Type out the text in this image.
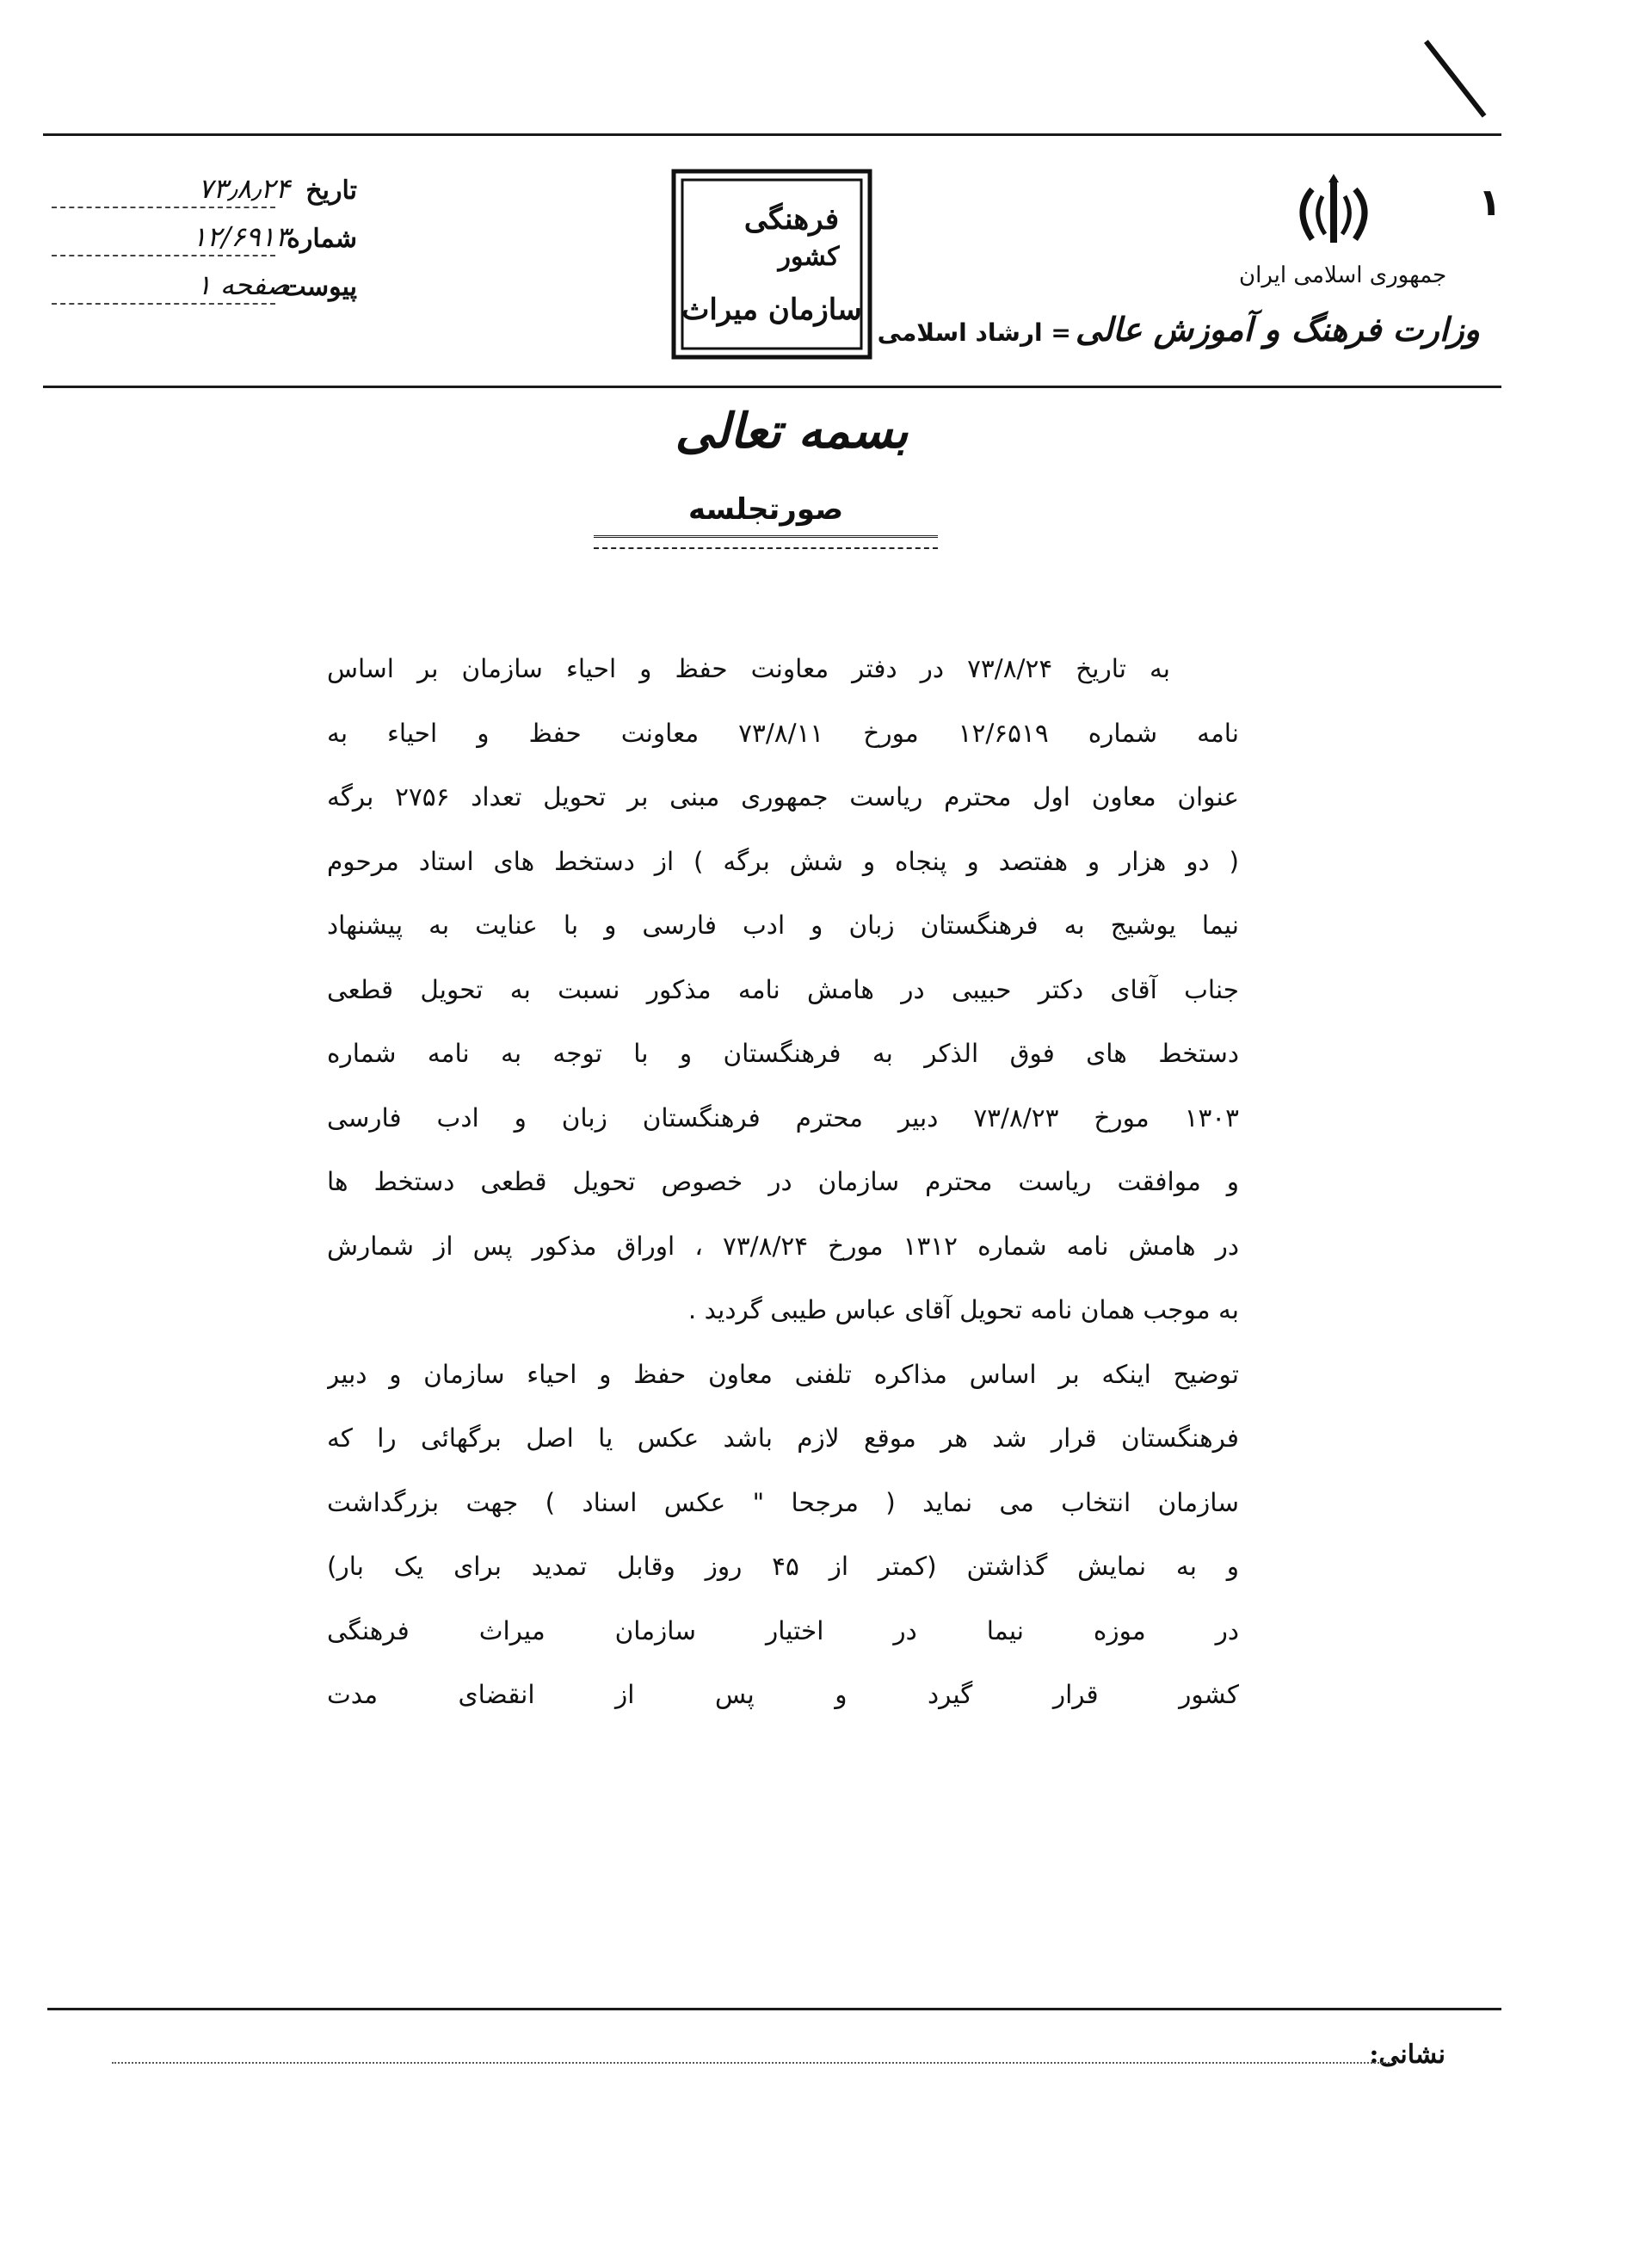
۱
جمهوری اسلامی ایران
وزارت فرهنگ و آموزش عالی = ارشاد اسلامی
فرهنگی
کشور
سازمان میراث
تاریخ
۷۳٫۸٫۲۴
شماره
۱۲/۶۹۱۳
پیوست
صفحه ۱
بسمه تعالی
صورتجلسه
به تاریخ ۷۳/۸/۲۴ در دفتر معاونت حفظ و احیاء سازمان بر اساس
نامه شماره ۱۲/۶۵۱۹ مورخ ۷۳/۸/۱۱ معاونت حفظ و احیاء به
عنوان معاون اول محترم ریاست جمهوری مبنی بر تحویل تعداد ۲۷۵۶ برگه
( دو هزار و هفتصد و پنجاه و شش برگه ) از دستخط های استاد مرحوم
نیما یوشیج به فرهنگستان زبان و ادب فارسی و با عنایت به پیشنهاد
جناب آقای دکتر حبیبی در هامش نامه مذکور نسبت به تحویل قطعی
دستخط های فوق الذکر به فرهنگستان و با توجه به نامه شماره
۱۳۰۳ مورخ ۷۳/۸/۲۳ دبیر محترم فرهنگستان زبان و ادب فارسی
و موافقت ریاست محترم سازمان در خصوص تحویل قطعی دستخط ها
در هامش نامه شماره ۱۳۱۲ مورخ ۷۳/۸/۲۴ ، اوراق مذکور پس از شمارش
به موجب همان نامه تحویل آقای عباس طیبی گردید .
توضیح اینکه بر اساس مذاکره تلفنی معاون حفظ و احیاء سازمان و دبیر
فرهنگستان قرار شد هر موقع لازم باشد عکس یا اصل برگهائی را که
سازمان انتخاب می نماید ( مرجحا " عکس اسناد ) جهت بزرگداشت
و به نمایش گذاشتن (کمتر از ۴۵ روز وقابل تمدید برای یک بار)
در موزه نیما در اختیار سازمان میراث فرهنگی
کشور قرار گیرد و پس از انقضای مدت
نشانی:
